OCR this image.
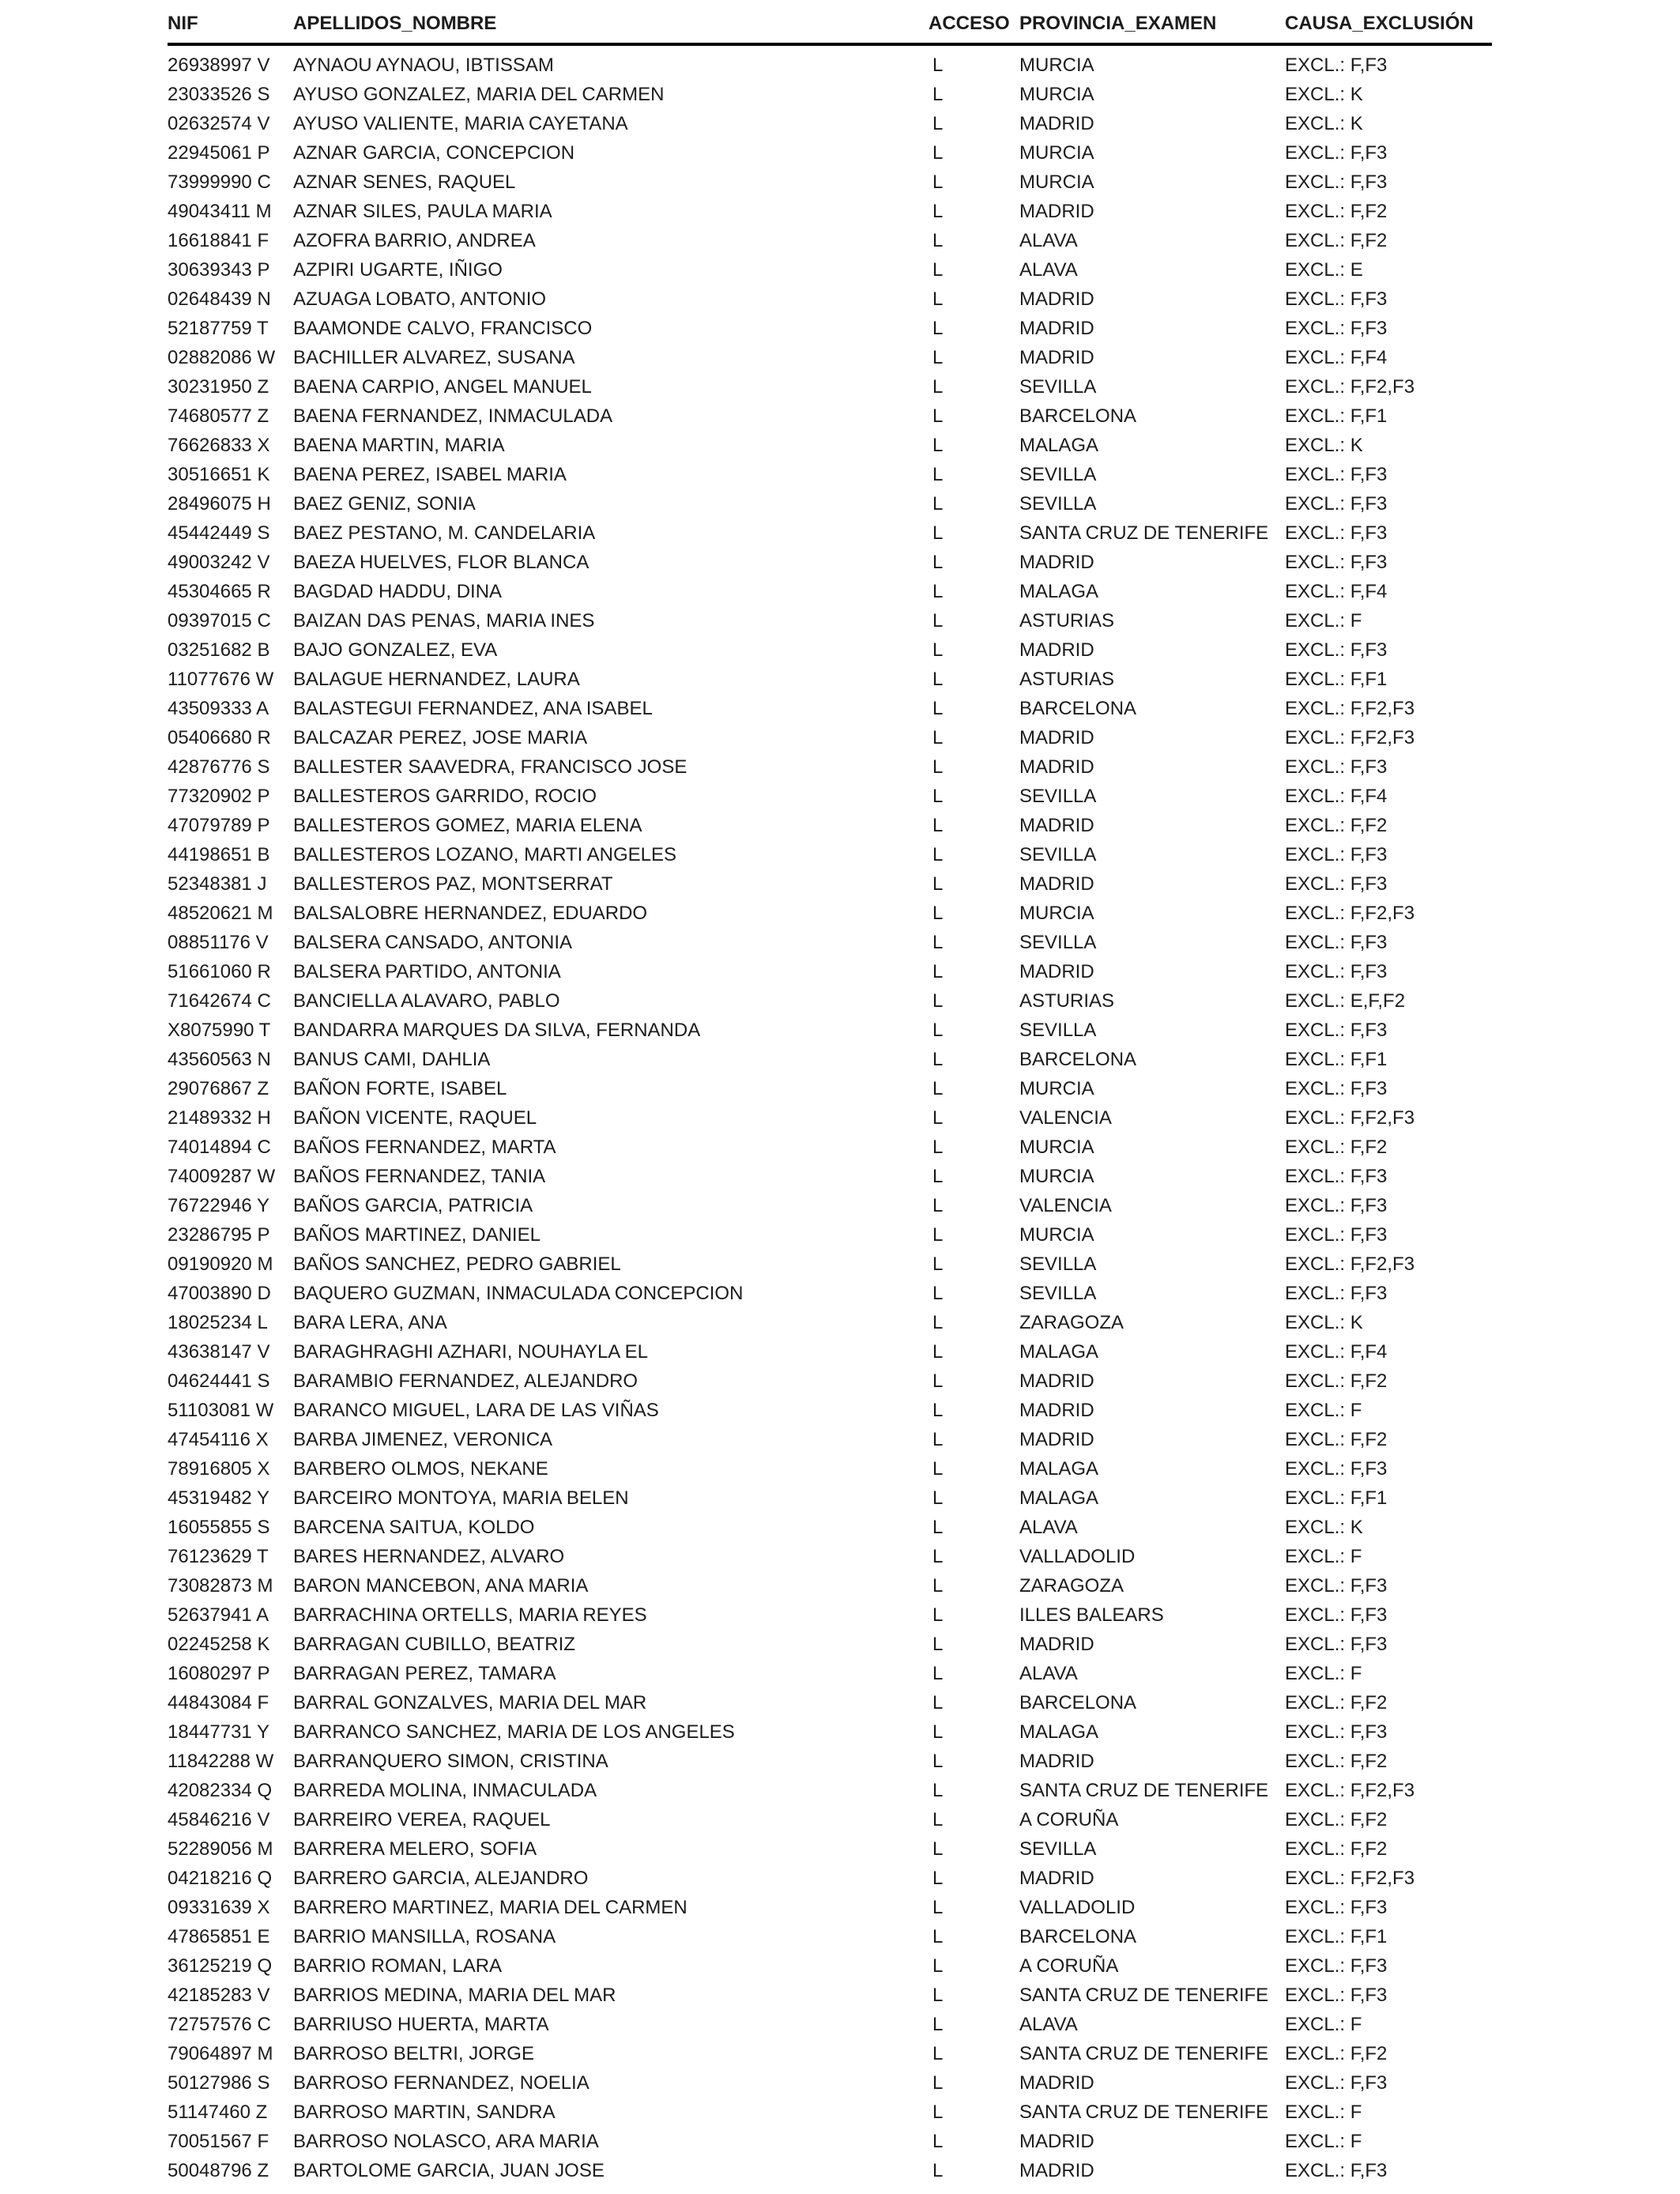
NIF	APELLIDOS_NOMBRE	ACCESO	PROVINCIA_EXAMEN	CAUSA_EXCLUSIÓN
26938997 V	AYNAOU AYNAOU, IBTISSAM	L	MURCIA	EXCL.: F,F3
23033526 S	AYUSO GONZALEZ, MARIA DEL CARMEN	L	MURCIA	EXCL.: K
02632574 V	AYUSO VALIENTE, MARIA CAYETANA	L	MADRID	EXCL.: K
22945061 P	AZNAR GARCIA, CONCEPCION	L	MURCIA	EXCL.: F,F3
73999990 C	AZNAR SENES, RAQUEL	L	MURCIA	EXCL.: F,F3
49043411 M	AZNAR SILES, PAULA MARIA	L	MADRID	EXCL.: F,F2
16618841 F	AZOFRA BARRIO, ANDREA	L	ALAVA	EXCL.: F,F2
30639343 P	AZPIRI UGARTE, IÑIGO	L	ALAVA	EXCL.: E
02648439 N	AZUAGA LOBATO, ANTONIO	L	MADRID	EXCL.: F,F3
52187759 T	BAAMONDE CALVO, FRANCISCO	L	MADRID	EXCL.: F,F3
02882086 W	BACHILLER ALVAREZ, SUSANA	L	MADRID	EXCL.: F,F4
30231950 Z	BAENA CARPIO, ANGEL MANUEL	L	SEVILLA	EXCL.: F,F2,F3
74680577 Z	BAENA FERNANDEZ, INMACULADA	L	BARCELONA	EXCL.: F,F1
76626833 X	BAENA MARTIN, MARIA	L	MALAGA	EXCL.: K
30516651 K	BAENA PEREZ, ISABEL MARIA	L	SEVILLA	EXCL.: F,F3
28496075 H	BAEZ GENIZ, SONIA	L	SEVILLA	EXCL.: F,F3
45442449 S	BAEZ PESTANO, M. CANDELARIA	L	SANTA CRUZ DE TENERIFE	EXCL.: F,F3
49003242 V	BAEZA HUELVES, FLOR BLANCA	L	MADRID	EXCL.: F,F3
45304665 R	BAGDAD HADDU, DINA	L	MALAGA	EXCL.: F,F4
09397015 C	BAIZAN DAS PENAS, MARIA INES	L	ASTURIAS	EXCL.: F
03251682 B	BAJO GONZALEZ, EVA	L	MADRID	EXCL.: F,F3
11077676 W	BALAGUE HERNANDEZ, LAURA	L	ASTURIAS	EXCL.: F,F1
43509333 A	BALASTEGUI FERNANDEZ, ANA ISABEL	L	BARCELONA	EXCL.: F,F2,F3
05406680 R	BALCAZAR PEREZ, JOSE MARIA	L	MADRID	EXCL.: F,F2,F3
42876776 S	BALLESTER SAAVEDRA, FRANCISCO JOSE	L	MADRID	EXCL.: F,F3
77320902 P	BALLESTEROS GARRIDO, ROCIO	L	SEVILLA	EXCL.: F,F4
47079789 P	BALLESTEROS GOMEZ, MARIA ELENA	L	MADRID	EXCL.: F,F2
44198651 B	BALLESTEROS LOZANO, MARTI ANGELES	L	SEVILLA	EXCL.: F,F3
52348381 J	BALLESTEROS PAZ, MONTSERRAT	L	MADRID	EXCL.: F,F3
48520621 M	BALSALOBRE HERNANDEZ, EDUARDO	L	MURCIA	EXCL.: F,F2,F3
08851176 V	BALSERA CANSADO, ANTONIA	L	SEVILLA	EXCL.: F,F3
51661060 R	BALSERA PARTIDO, ANTONIA	L	MADRID	EXCL.: F,F3
71642674 C	BANCIELLA ALAVARO, PABLO	L	ASTURIAS	EXCL.: E,F,F2
X8075990 T	BANDARRA MARQUES DA SILVA, FERNANDA	L	SEVILLA	EXCL.: F,F3
43560563 N	BANUS CAMI, DAHLIA	L	BARCELONA	EXCL.: F,F1
29076867 Z	BAÑON FORTE, ISABEL	L	MURCIA	EXCL.: F,F3
21489332 H	BAÑON VICENTE, RAQUEL	L	VALENCIA	EXCL.: F,F2,F3
74014894 C	BAÑOS FERNANDEZ, MARTA	L	MURCIA	EXCL.: F,F2
74009287 W	BAÑOS FERNANDEZ, TANIA	L	MURCIA	EXCL.: F,F3
76722946 Y	BAÑOS GARCIA, PATRICIA	L	VALENCIA	EXCL.: F,F3
23286795 P	BAÑOS MARTINEZ, DANIEL	L	MURCIA	EXCL.: F,F3
09190920 M	BAÑOS SANCHEZ, PEDRO GABRIEL	L	SEVILLA	EXCL.: F,F2,F3
47003890 D	BAQUERO GUZMAN, INMACULADA CONCEPCION	L	SEVILLA	EXCL.: F,F3
18025234 L	BARA LERA, ANA	L	ZARAGOZA	EXCL.: K
43638147 V	BARAGHRAGHI AZHARI, NOUHAYLA EL	L	MALAGA	EXCL.: F,F4
04624441 S	BARAMBIO FERNANDEZ, ALEJANDRO	L	MADRID	EXCL.: F,F2
51103081 W	BARANCO MIGUEL, LARA DE LAS VIÑAS	L	MADRID	EXCL.: F
47454116 X	BARBA JIMENEZ, VERONICA	L	MADRID	EXCL.: F,F2
78916805 X	BARBERO OLMOS, NEKANE	L	MALAGA	EXCL.: F,F3
45319482 Y	BARCEIRO MONTOYA, MARIA BELEN	L	MALAGA	EXCL.: F,F1
16055855 S	BARCENA SAITUA, KOLDO	L	ALAVA	EXCL.: K
76123629 T	BARES HERNANDEZ, ALVARO	L	VALLADOLID	EXCL.: F
73082873 M	BARON MANCEBON, ANA MARIA	L	ZARAGOZA	EXCL.: F,F3
52637941 A	BARRACHINA ORTELLS, MARIA REYES	L	ILLES BALEARS	EXCL.: F,F3
02245258 K	BARRAGAN CUBILLO, BEATRIZ	L	MADRID	EXCL.: F,F3
16080297 P	BARRAGAN PEREZ, TAMARA	L	ALAVA	EXCL.: F
44843084 F	BARRAL GONZALVES, MARIA DEL MAR	L	BARCELONA	EXCL.: F,F2
18447731 Y	BARRANCO SANCHEZ, MARIA DE LOS ANGELES	L	MALAGA	EXCL.: F,F3
11842288 W	BARRANQUERO SIMON, CRISTINA	L	MADRID	EXCL.: F,F2
42082334 Q	BARREDA MOLINA, INMACULADA	L	SANTA CRUZ DE TENERIFE	EXCL.: F,F2,F3
45846216 V	BARREIRO VEREA, RAQUEL	L	A CORUÑA	EXCL.: F,F2
52289056 M	BARRERA MELERO, SOFIA	L	SEVILLA	EXCL.: F,F2
04218216 Q	BARRERO GARCIA, ALEJANDRO	L	MADRID	EXCL.: F,F2,F3
09331639 X	BARRERO MARTINEZ, MARIA DEL CARMEN	L	VALLADOLID	EXCL.: F,F3
47865851 E	BARRIO MANSILLA, ROSANA	L	BARCELONA	EXCL.: F,F1
36125219 Q	BARRIO ROMAN, LARA	L	A CORUÑA	EXCL.: F,F3
42185283 V	BARRIOS MEDINA, MARIA DEL MAR	L	SANTA CRUZ DE TENERIFE	EXCL.: F,F3
72757576 C	BARRIUSO HUERTA, MARTA	L	ALAVA	EXCL.: F
79064897 M	BARROSO BELTRI, JORGE	L	SANTA CRUZ DE TENERIFE	EXCL.: F,F2
50127986 S	BARROSO FERNANDEZ, NOELIA	L	MADRID	EXCL.: F,F3
51147460 Z	BARROSO MARTIN, SANDRA	L	SANTA CRUZ DE TENERIFE	EXCL.: F
70051567 F	BARROSO NOLASCO, ARA MARIA	L	MADRID	EXCL.: F
50048796 Z	BARTOLOME GARCIA, JUAN JOSE	L	MADRID	EXCL.: F,F3
